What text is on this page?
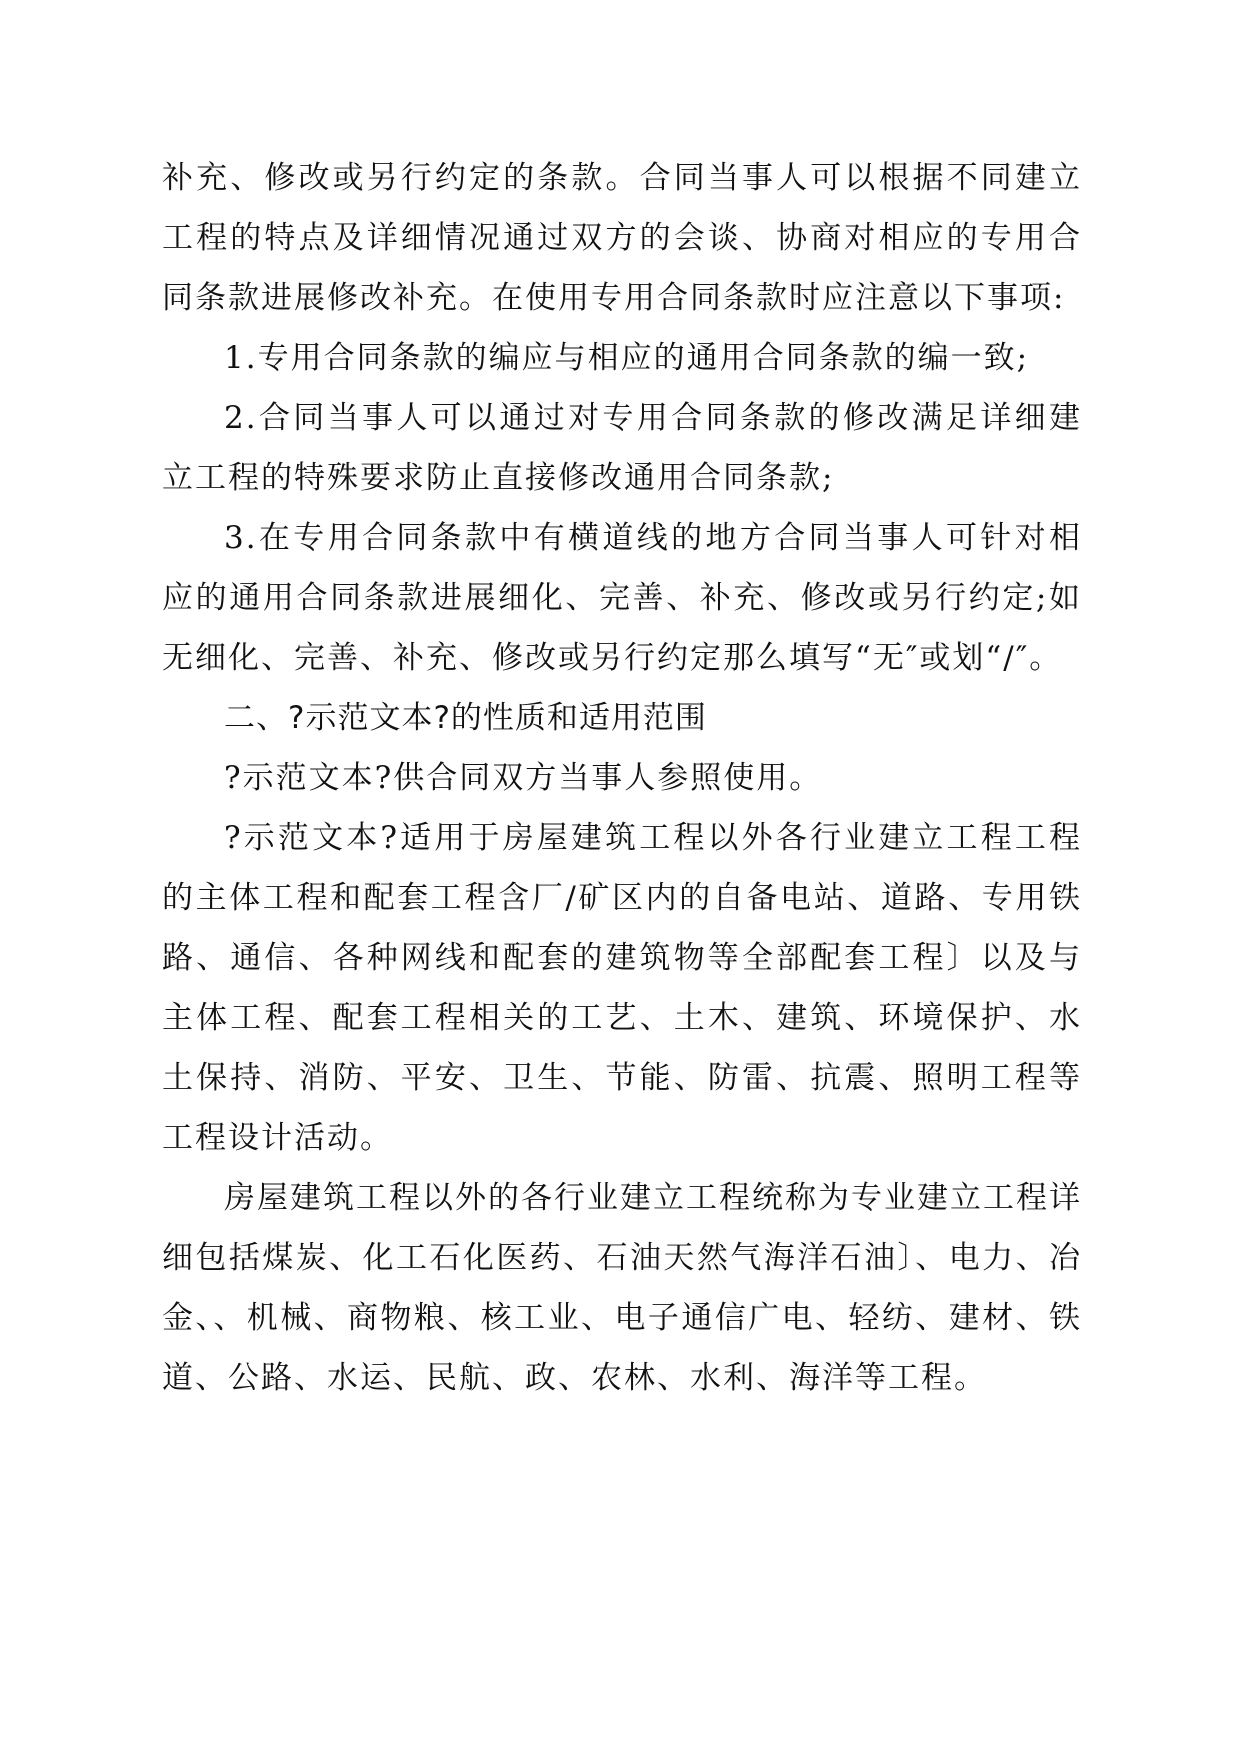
补充、修改或另行约定的条款。合同当事人可以根据不同建立工程的特点及详细情况通过双方的会谈、协商对相应的专用合同条款进展修改补充。在使用专用合同条款时应注意以下事项:

1.专用合同条款的编应与相应的通用合同条款的编一致;

2.合同当事人可以通过对专用合同条款的修改满足详细建立工程的特殊要求防止直接修改通用合同条款;

3.在专用合同条款中有横道线的地方合同当事人可针对相应的通用合同条款进展细化、完善、补充、修改或另行约定;如无细化、完善、补充、修改或另行约定那么填写“无″或划“/″。

二、?示范文本?的性质和适用范围

?示范文本?供合同双方当事人参照使用。

?示范文本?适用于房屋建筑工程以外各行业建立工程工程的主体工程和配套工程含厂/矿区内的自备电站、道路、专用铁路、通信、各种网线和配套的建筑物等全部配套工程〕以及与主体工程、配套工程相关的工艺、土木、建筑、环境保护、水土保持、消防、平安、卫生、节能、防雷、抗震、照明工程等工程设计活动。

房屋建筑工程以外的各行业建立工程统称为专业建立工程详细包括煤炭、化工石化医药、石油天然气海洋石油〕、电力、冶金、、机械、商物粮、核工业、电子通信广电、轻纺、建材、铁道、公路、水运、民航、政、农林、水利、海洋等工程。
